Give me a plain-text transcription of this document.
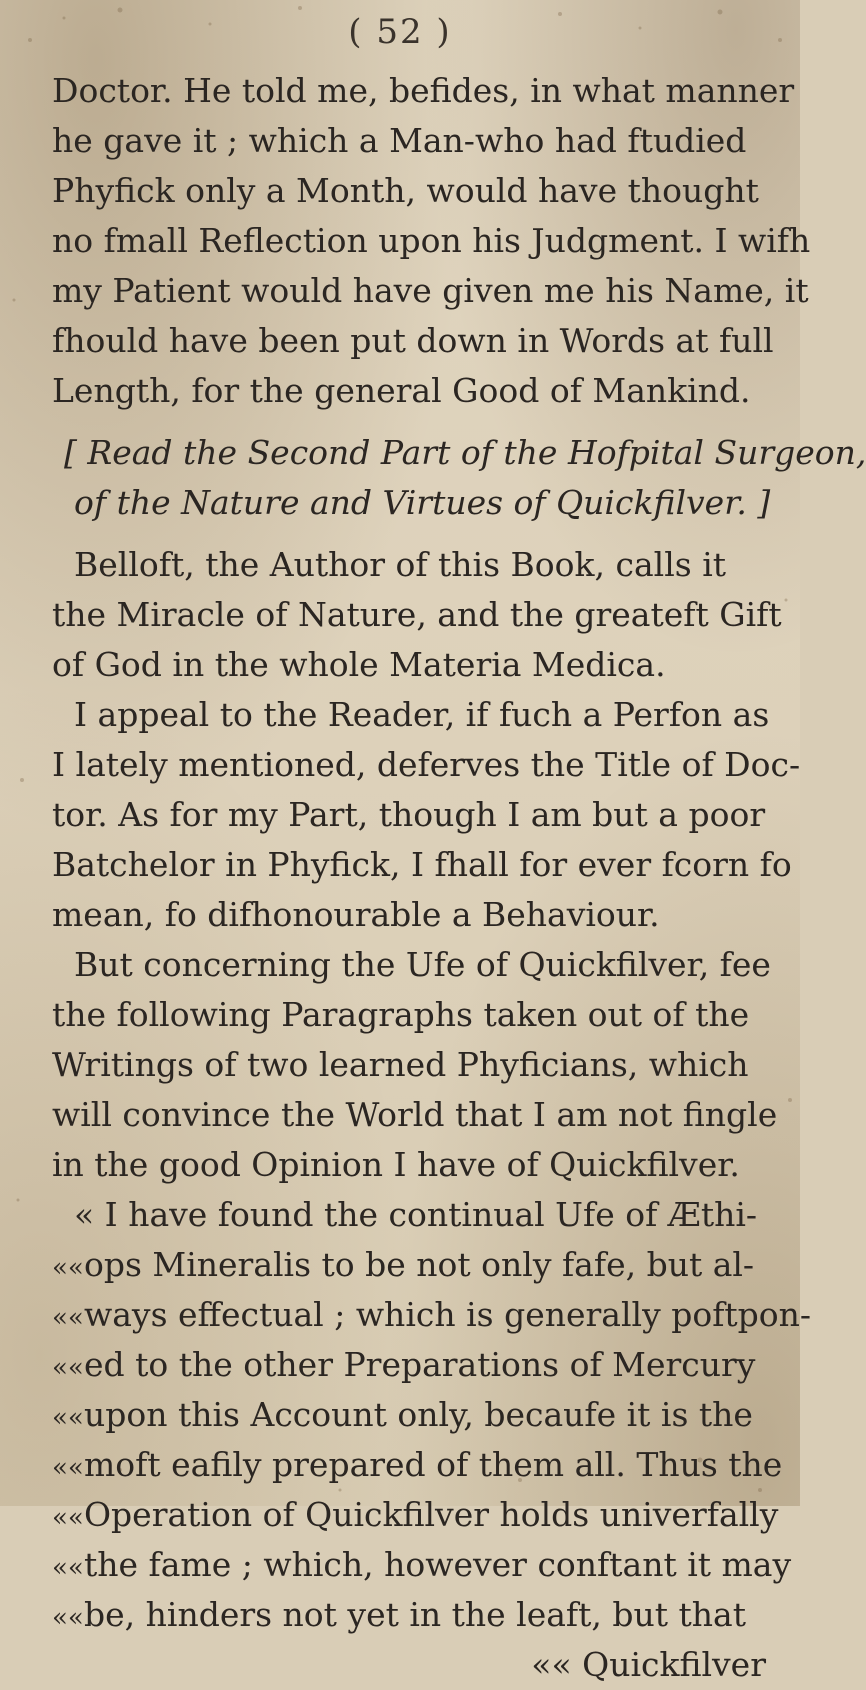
( 52 )
Doctor. He told me, befides, in what manner
he gave it ; which a Man-who had ftudied
Phyfick only a Month, would have thought
no fmall Reflection upon his Judgment. I wifh
my Patient would have given me his Name, it
fhould have been put down in Words at full
Length, for the general Good of Mankind.
[ Read the Second Part of the Hofpital Surgeon,
of the Nature and Virtues of Quickfilver. ]
Belloft, the Author of this Book, calls it
the Miracle of Nature, and the greateft Gift
of God in the whole Materia Medica.
I appeal to the Reader, if fuch a Perfon as
I lately mentioned, deferves the Title of Doc-
tor. As for my Part, though I am but a poor
Batchelor in Phyfick, I fhall for ever fcorn fo
mean, fo difhonourable a Behaviour.
But concerning the Ufe of Quickfilver, fee
the following Paragraphs taken out of the
Writings of two learned Phyficians, which
will convince the World that I am not fingle
in the good Opinion I have of Quickfilver.
« I have found the continual Ufe of Æthi-
««ops Mineralis to be not only fafe, but al-
««ways effectual ; which is generally poftpon-
««ed to the other Preparations of Mercury
««upon this Account only, becaufe it is the
««moft eafily prepared of them all. Thus the
««Operation of Quickfilver holds univerfally
««the fame ; which, however conftant it may
««be, hinders not yet in the leaft, but that
«« Quickfilver
